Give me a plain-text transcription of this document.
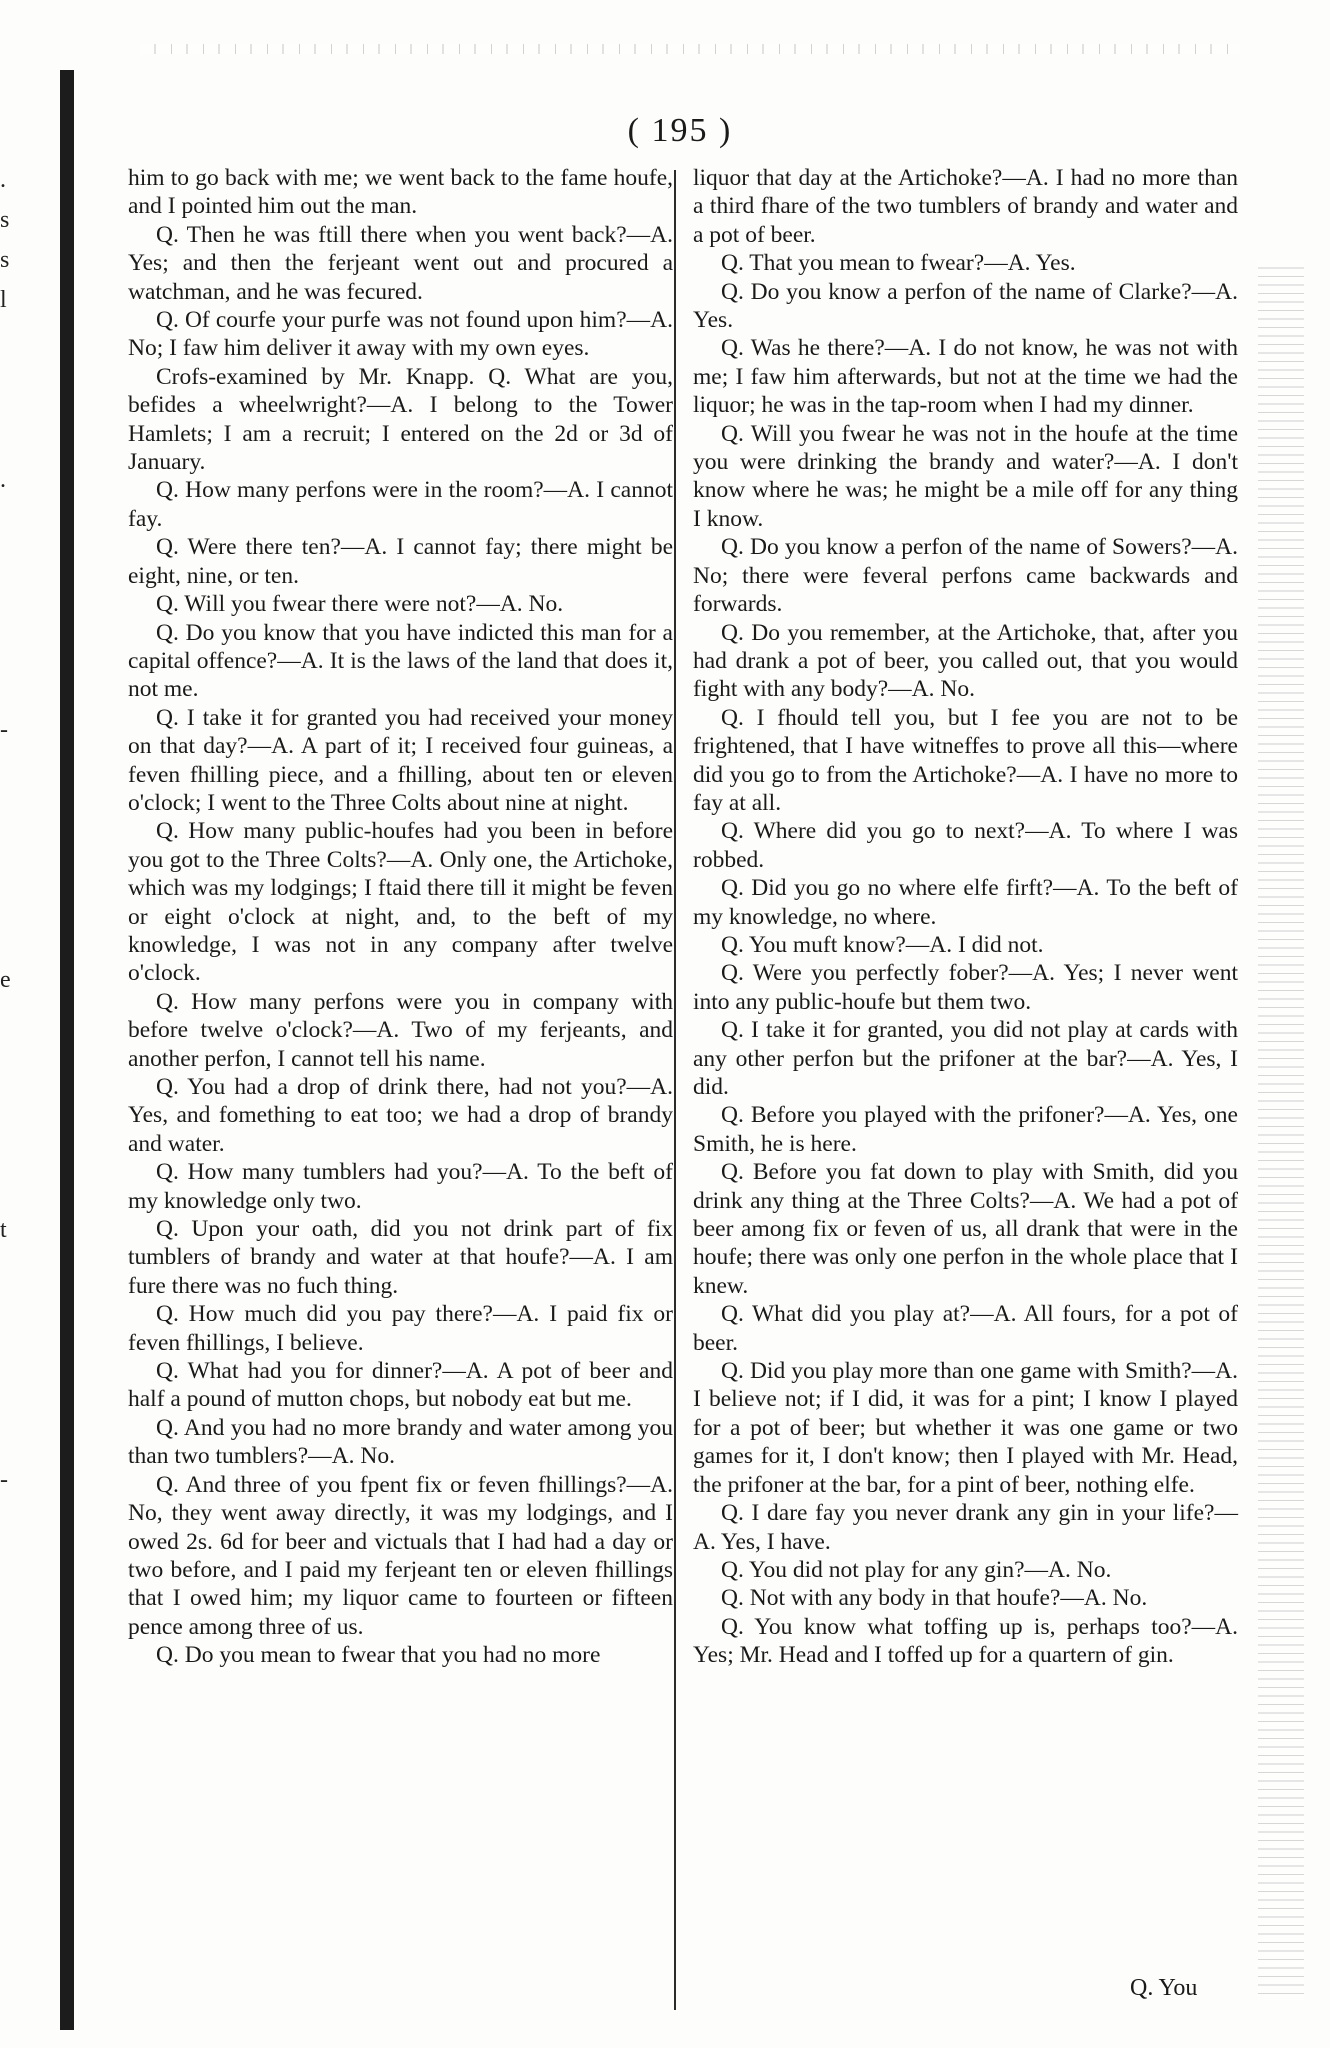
.
s
s
l
.
-
e
t
-
( 195 )

him to go back with me; we went back to the fame houfe, and I pointed him out the man.

Q. Then he was ftill there when you went back?—A. Yes; and then the ferjeant went out and procured a watchman, and he was fecured.

Q. Of courfe your purfe was not found upon him?—A. No; I faw him deliver it away with my own eyes.

Crofs-examined by Mr. Knapp. Q. What are you, befides a wheelwright?—A. I belong to the Tower Hamlets; I am a recruit; I entered on the 2d or 3d of January.

Q. How many perfons were in the room?—A. I cannot fay.

Q. Were there ten?—A. I cannot fay; there might be eight, nine, or ten.

Q. Will you fwear there were not?—A. No.

Q. Do you know that you have indicted this man for a capital offence?—A. It is the laws of the land that does it, not me.

Q. I take it for granted you had received your money on that day?—A. A part of it; I received four guineas, a feven fhilling piece, and a fhilling, about ten or eleven o'clock; I went to the Three Colts about nine at night.

Q. How many public-houfes had you been in before you got to the Three Colts?—A. Only one, the Artichoke, which was my lodgings; I ftaid there till it might be feven or eight o'clock at night, and, to the beft of my knowledge, I was not in any company after twelve o'clock.

Q. How many perfons were you in company with before twelve o'clock?—A. Two of my ferjeants, and another perfon, I cannot tell his name.

Q. You had a drop of drink there, had not you?—A. Yes, and fomething to eat too; we had a drop of brandy and water.

Q. How many tumblers had you?—A. To the beft of my knowledge only two.

Q. Upon your oath, did you not drink part of fix tumblers of brandy and water at that houfe?—A. I am fure there was no fuch thing.

Q. How much did you pay there?—A. I paid fix or feven fhillings, I believe.

Q. What had you for dinner?—A. A pot of beer and half a pound of mutton chops, but nobody eat but me.

Q. And you had no more brandy and water among you than two tumblers?—A. No.

Q. And three of you fpent fix or feven fhillings?—A. No, they went away directly, it was my lodgings, and I owed 2s. 6d for beer and victuals that I had had a day or two before, and I paid my ferjeant ten or eleven fhillings that I owed him; my liquor came to fourteen or fifteen pence among three of us.

Q. Do you mean to fwear that you had no more

liquor that day at the Artichoke?—A. I had no more than a third fhare of the two tumblers of brandy and water and a pot of beer.

Q. That you mean to fwear?—A. Yes.

Q. Do you know a perfon of the name of Clarke?—A. Yes.

Q. Was he there?—A. I do not know, he was not with me; I faw him afterwards, but not at the time we had the liquor; he was in the tap-room when I had my dinner.

Q. Will you fwear he was not in the houfe at the time you were drinking the brandy and water?—A. I don't know where he was; he might be a mile off for any thing I know.

Q. Do you know a perfon of the name of Sowers?—A. No; there were feveral perfons came backwards and forwards.

Q. Do you remember, at the Artichoke, that, after you had drank a pot of beer, you called out, that you would fight with any body?—A. No.

Q. I fhould tell you, but I fee you are not to be frightened, that I have witneffes to prove all this—where did you go to from the Artichoke?—A. I have no more to fay at all.

Q. Where did you go to next?—A. To where I was robbed.

Q. Did you go no where elfe firft?—A. To the beft of my knowledge, no where.

Q. You muft know?—A. I did not.

Q. Were you perfectly fober?—A. Yes; I never went into any public-houfe but them two.

Q. I take it for granted, you did not play at cards with any other perfon but the prifoner at the bar?—A. Yes, I did.

Q. Before you played with the prifoner?—A. Yes, one Smith, he is here.

Q. Before you fat down to play with Smith, did you drink any thing at the Three Colts?—A. We had a pot of beer among fix or feven of us, all drank that were in the houfe; there was only one perfon in the whole place that I knew.

Q. What did you play at?—A. All fours, for a pot of beer.

Q. Did you play more than one game with Smith?—A. I believe not; if I did, it was for a pint; I know I played for a pot of beer; but whether it was one game or two games for it, I don't know; then I played with Mr. Head, the prifoner at the bar, for a pint of beer, nothing elfe.

Q. I dare fay you never drank any gin in your life?—A. Yes, I have.

Q. You did not play for any gin?—A. No.

Q. Not with any body in that houfe?—A. No.

Q. You know what toffing up is, perhaps too?—A. Yes; Mr. Head and I toffed up for a quartern of gin.

Q. You
